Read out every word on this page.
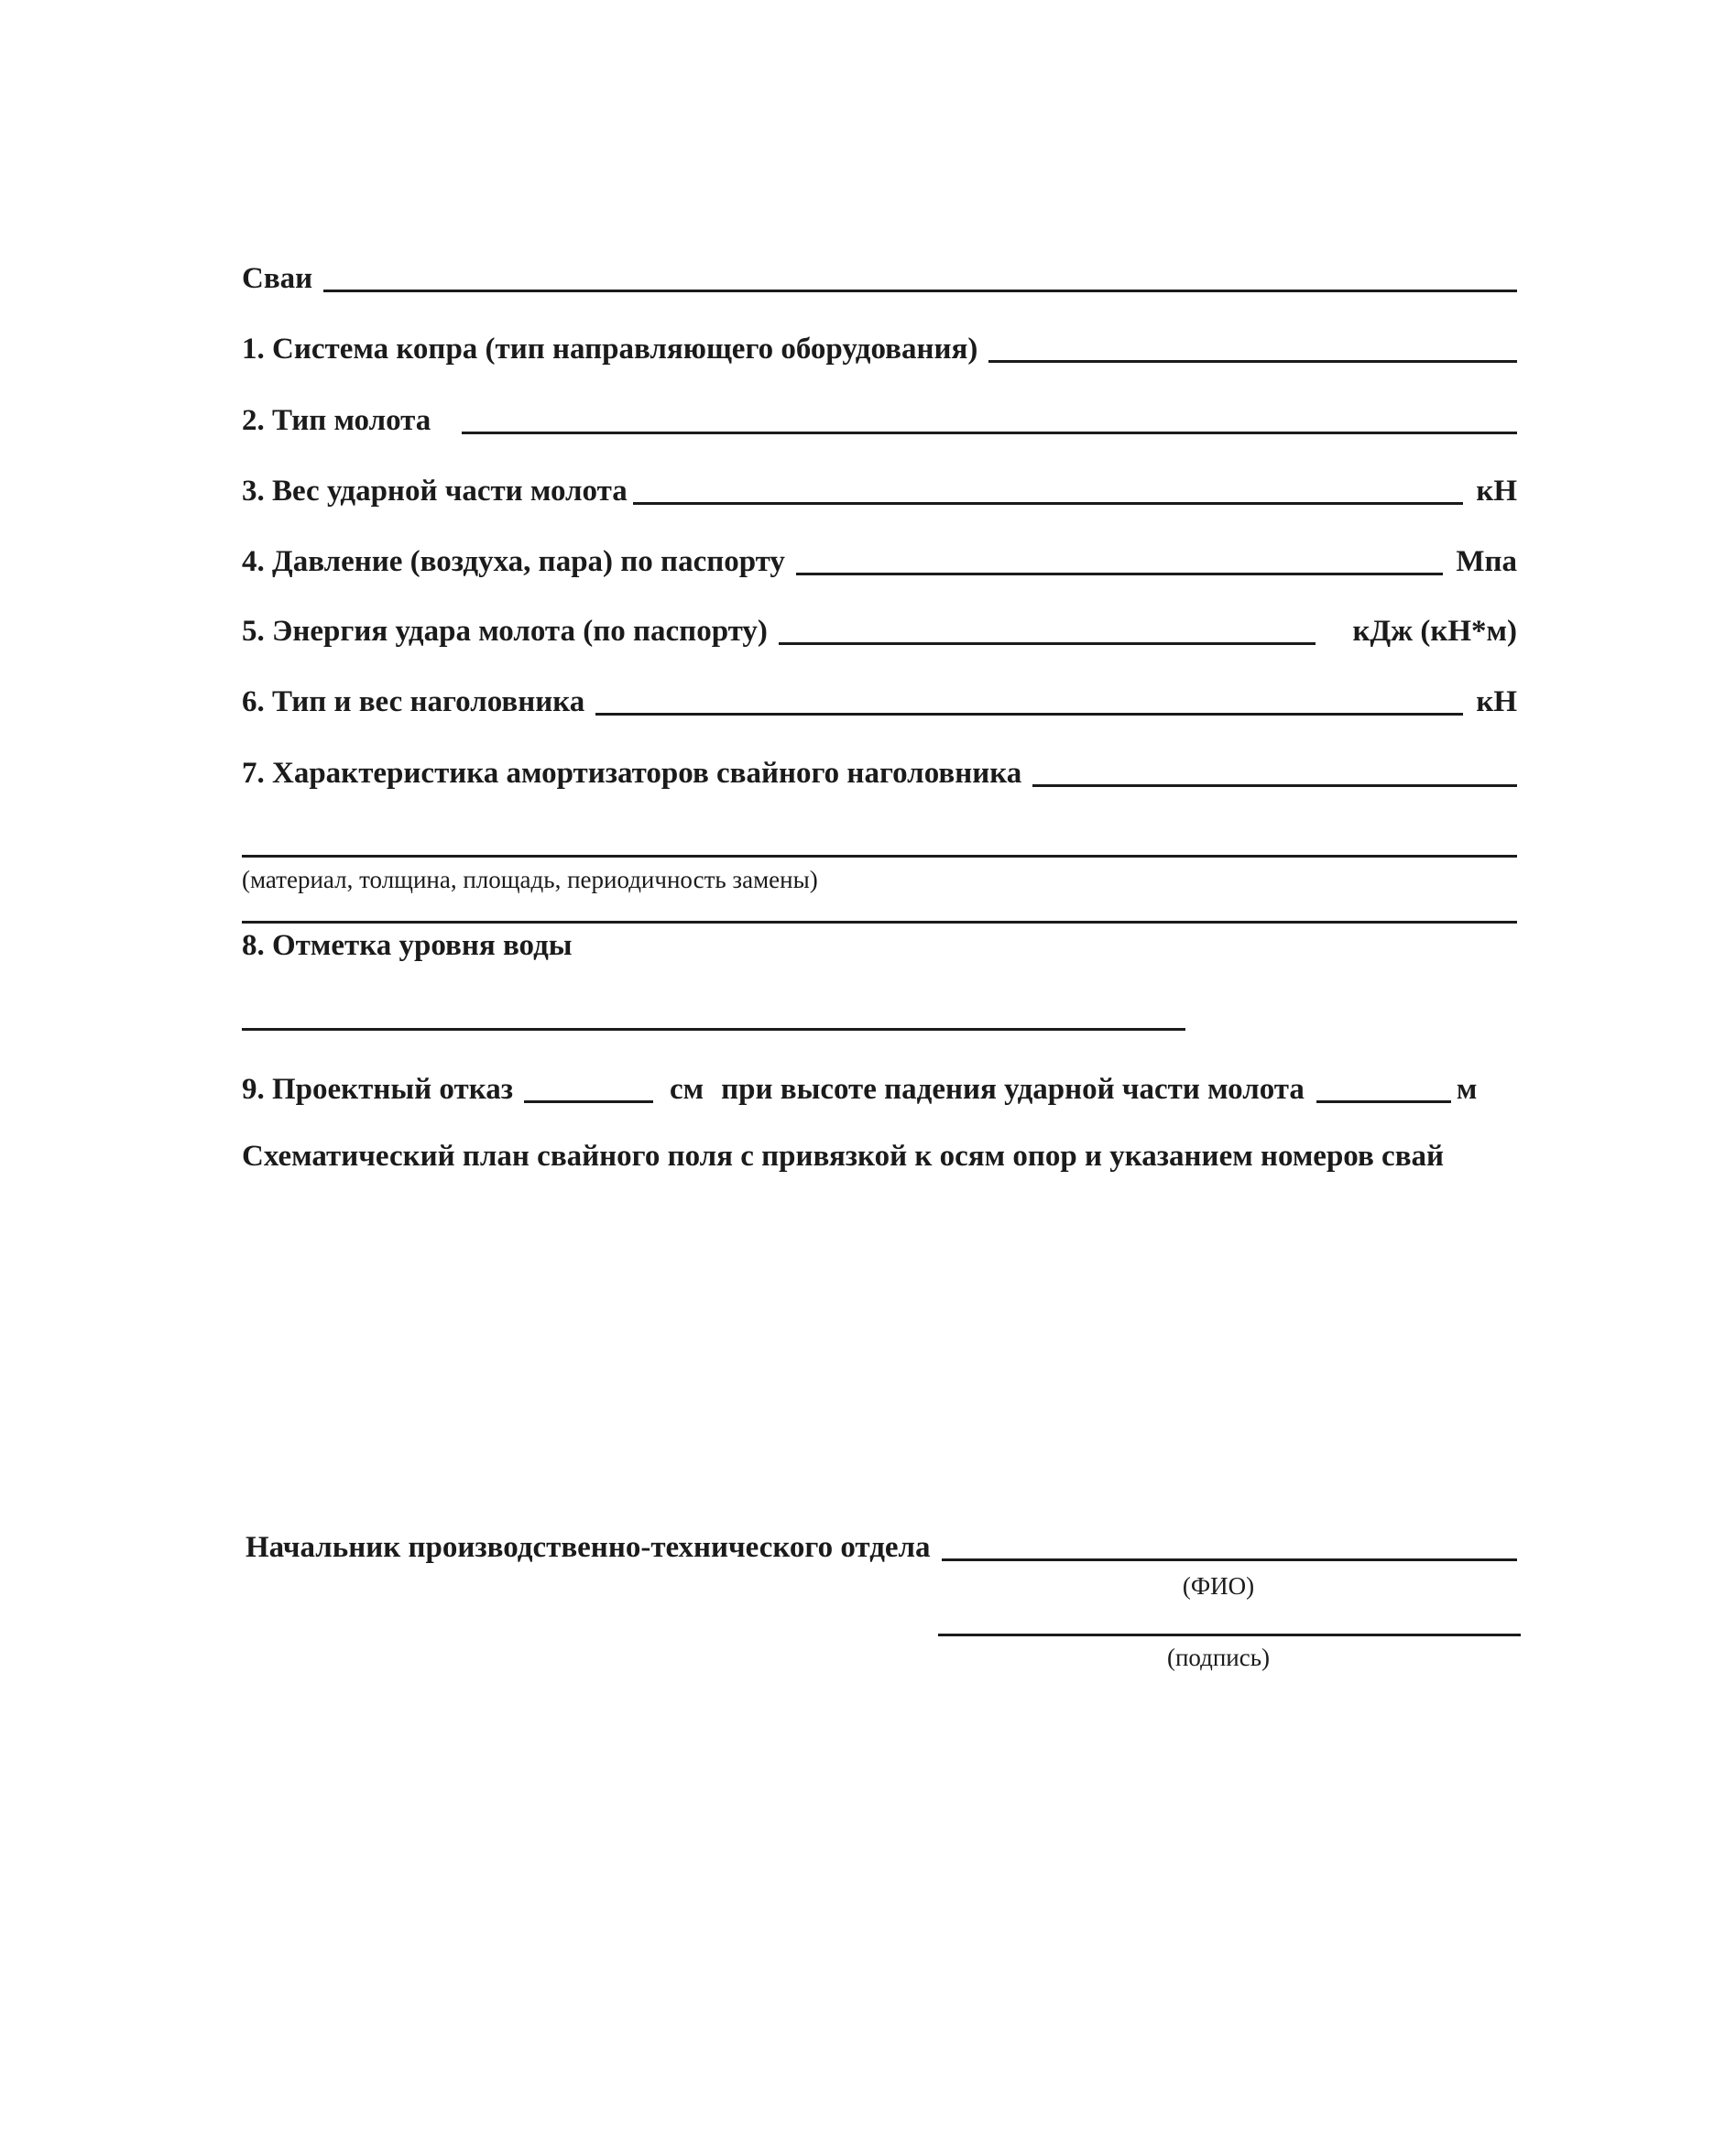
Сваи
1. Система копра (тип направляющего оборудования)
2. Тип молота
3. Вес ударной части молота	кН
4. Давление (воздуха, пара) по паспорту	Мпа
5. Энергия удара молота (по паспорту)	кДж (кН*м)
6. Тип и вес наголовника	кН
7. Характеристика амортизаторов свайного наголовника
(материал, толщина, площадь, периодичность замены)
8. Отметка уровня воды
9. Проектный отказ	см при высоте падения ударной части молота	м
Схематический план свайного поля с привязкой к осям опор и указанием номеров свай
Начальник производственно-технического отдела
(ФИО)
(подпись)
